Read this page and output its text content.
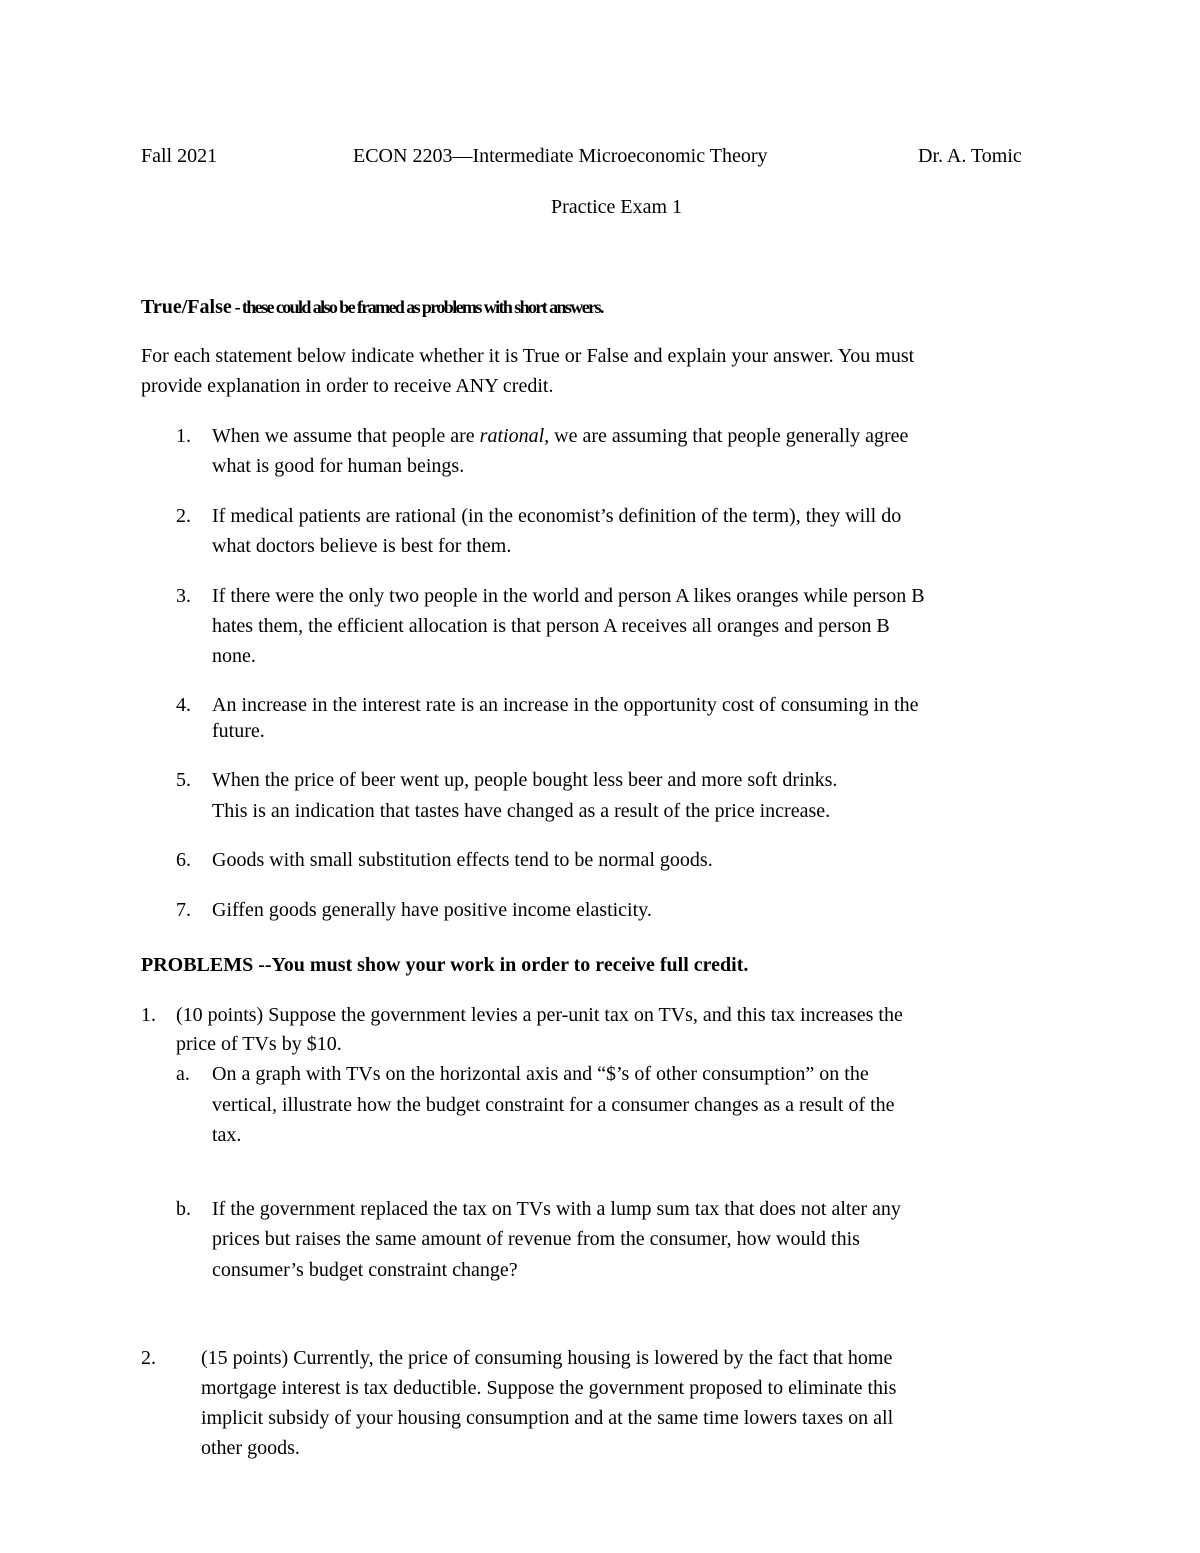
Fall 2021	ECON 2203—Intermediate Microeconomic Theory	Dr. A. Tomic
Practice Exam 1
True/False - these could also be framed as problems with short answers.
For each statement below indicate whether it is True or False and explain your answer. You must
provide explanation in order to receive ANY credit.
1. When we assume that people are rational, we are assuming that people generally agree
what is good for human beings.
2. If medical patients are rational (in the economist’s definition of the term), they will do
what doctors believe is best for them.
3. If there were the only two people in the world and person A likes oranges while person B
hates them, the efficient allocation is that person A receives all oranges and person B
none.
4. An increase in the interest rate is an increase in the opportunity cost of consuming in the
future.
5. When the price of beer went up, people bought less beer and more soft drinks.
This is an indication that tastes have changed as a result of the price increase.
6. Goods with small substitution effects tend to be normal goods.
7. Giffen goods generally have positive income elasticity.
PROBLEMS --You must show your work in order to receive full credit.
1. (10 points) Suppose the government levies a per-unit tax on TVs, and this tax increases the
price of TVs by $10.
a. On a graph with TVs on the horizontal axis and “$’s of other consumption” on the
vertical, illustrate how the budget constraint for a consumer changes as a result of the
tax.
b. If the government replaced the tax on TVs with a lump sum tax that does not alter any
prices but raises the same amount of revenue from the consumer, how would this
consumer’s budget constraint change?
2. (15 points) Currently, the price of consuming housing is lowered by the fact that home
mortgage interest is tax deductible. Suppose the government proposed to eliminate this
implicit subsidy of your housing consumption and at the same time lowers taxes on all
other goods.
